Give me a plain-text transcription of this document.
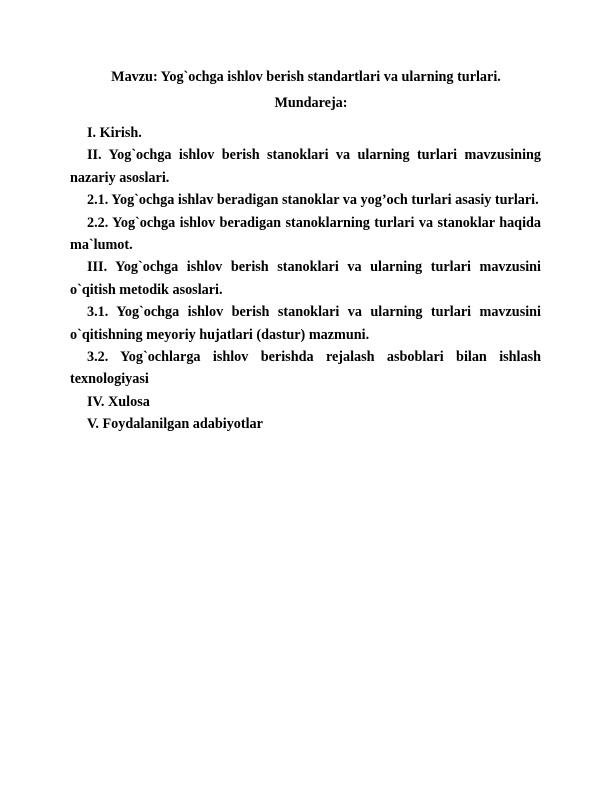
Mavzu: Yog`ochga ishlov berish standartlari va ularning turlari.
Mundareja:
I. Kirish.
II. Yog`ochga ishlov berish stanoklari va ularning turlari mavzusining nazariy asoslari.
2.1. Yog`ochga ishlav beradigan stanoklar va yog’och turlari asasiy turlari.
2.2. Yog`ochga ishlov beradigan stanoklarning turlari va stanoklar haqida ma`lumot.
III. Yog`ochga ishlov berish stanoklari va ularning turlari mavzusini o`qitish metodik asoslari.
3.1. Yog`ochga ishlov berish stanoklari va ularning turlari mavzusini o`qitishning meyoriy hujatlari (dastur) mazmuni.
3.2. Yog`ochlarga ishlov berishda rejalash asboblari bilan ishlash texnologiyasi
IV. Xulosa
V. Foydalanilgan adabiyotlar
